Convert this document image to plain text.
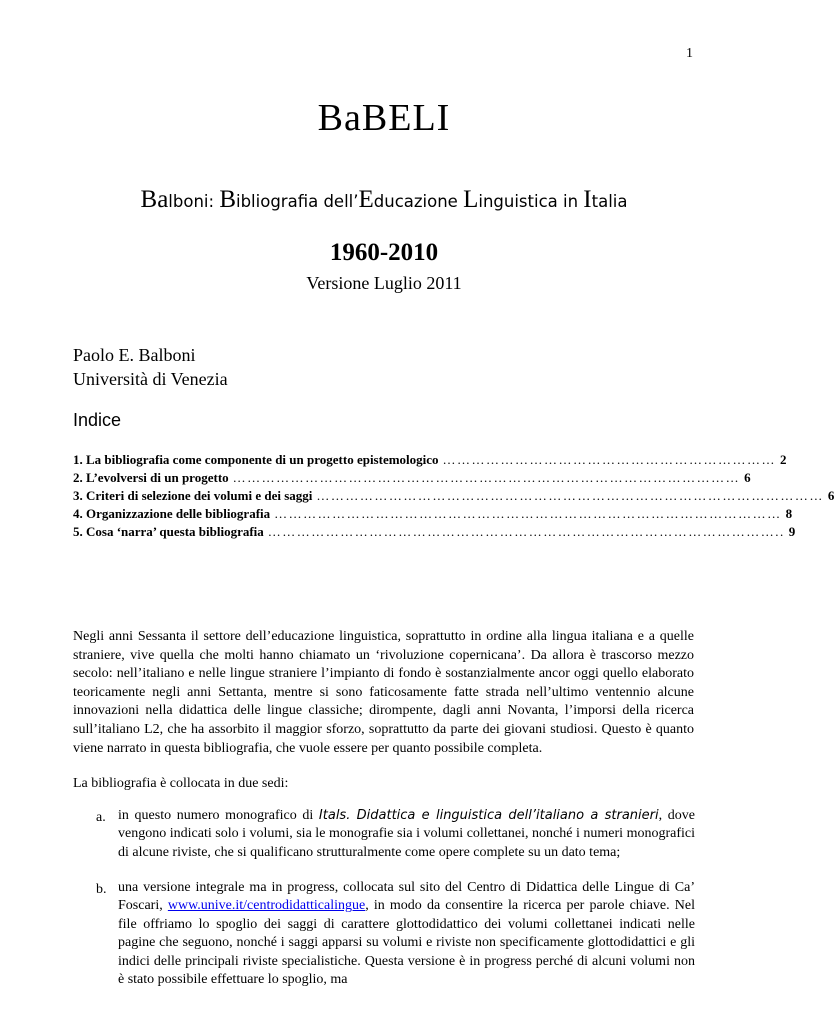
1
BaBELI
Balboni: Bibliografia dell’Educazione Linguistica in Italia
1960-2010
Versione Luglio 2011
Paolo E. Balboni
Università di Venezia
Indice
1. La bibliografia come componente di un progetto epistemologico …………………………………………………………… 2
2. L’evolversi di un progetto …………………………………………………………………………………………… 6
3. Criteri di selezione dei volumi e dei saggi …………………………………………………………………………………………… 6
4. Organizzazione delle bibliografia …………………………………………………………………………………………… 8
5. Cosa ‘narra’ questa bibliografia …………………………………………………………………………………………….. 9

Negli anni Sessanta il settore dell’educazione linguistica, soprattutto in ordine alla lingua italiana e a quelle straniere, vive quella che molti hanno chiamato un ‘rivoluzione copernicana’. Da allora è trascorso mezzo secolo: nell’italiano e nelle lingue straniere l’impianto di fondo è sostanzialmente ancor oggi quello elaborato teoricamente negli anni Settanta, mentre si sono faticosamente fatte strada nell’ultimo ventennio alcune innovazioni nella didattica delle lingue classiche; dirompente, dagli anni Novanta, l’imporsi della ricerca sull’italiano L2, che ha assorbito il maggior sforzo, soprattutto da parte dei giovani studiosi. Questo è quanto viene narrato in questa bibliografia, che vuole essere per quanto possibile completa.

La bibliografia è collocata in due sedi:
a. in questo numero monografico di Itals. Didattica e linguistica dell’italiano a stranieri, dove vengono indicati solo i volumi, sia le monografie sia i volumi collettanei, nonché i numeri monografici di alcune riviste, che si qualificano strutturalmente come opere complete su un dato tema;

b. una versione integrale ma in progress, collocata sul sito del Centro di Didattica delle Lingue di Ca’ Foscari, www.unive.it/centrodidatticalingue, in modo da consentire la ricerca per parole chiave. Nel file offriamo lo spoglio dei saggi di carattere glottodidattico dei volumi collettanei indicati nelle pagine che seguono, nonché i saggi apparsi su volumi e riviste non specificamente glottodidattici e gli indici delle principali riviste specialistiche. Questa versione è in progress perché di alcuni volumi non è stato possibile effettuare lo spoglio, ma
